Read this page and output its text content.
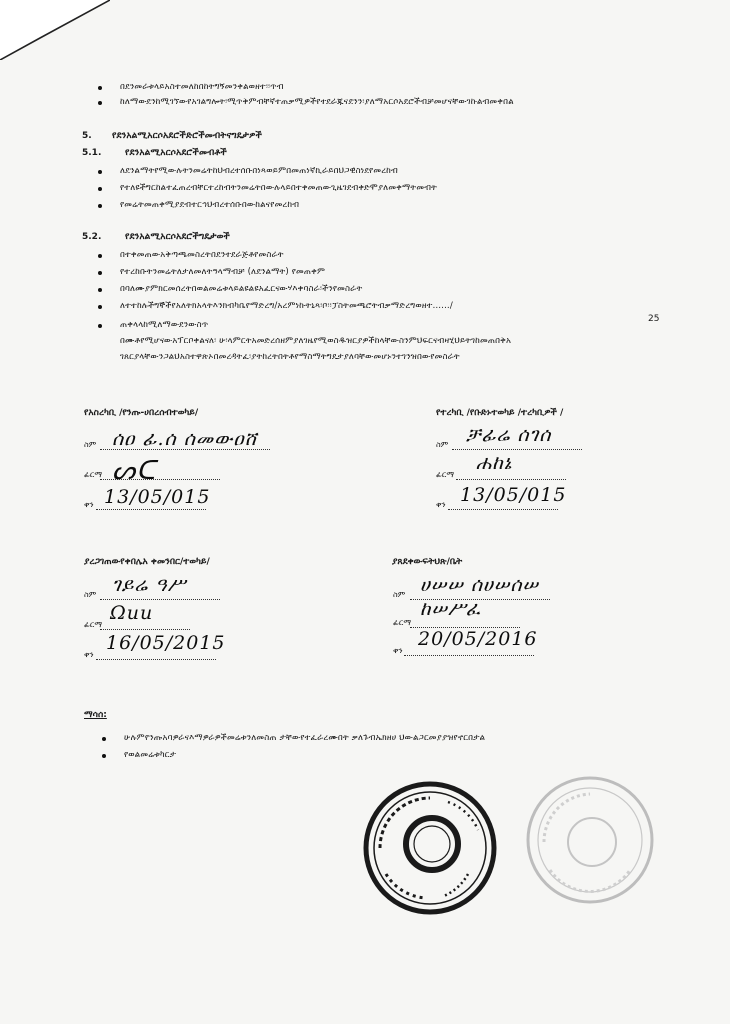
በደንመራቱላይአስተመለከበከትግኝመንቀልወዘተ፡፡ጥብ
ከለማውደንከሚገኘውየአገልግሎት፡ሚጥቅምብቸኛተጠቃሚዎችየተደራጁናደንን፡ያለማአርሶአደሮችብቻመሆናቸውገኩልብመቀበል
5. የደንአልሚአርሶአደሮችድሮችመብትናግዴታዎች
5.1.	የደንአልሚአርሶአደሮችመብቶች
ለደንልማትየሚውሉትንመሬትከህብረተሰቡበነጻወይምበመጠነኛኪራይበህጋዊስነደየመረከብ
የተለዩችግርከልተፈጠረብቸርተረከብትንመሬትበውሉላይበተቀመጠውጊዜገደብቀድሞያለመቀማትመብት
የመሬትመጠቀሚያደብተርኅህብረተሰቡበውከልናየመረከብ
5.2.	የደንአልሚአርሶአደሮችግዴታወች
በተቀመጠውአቅጣጫመስረትበደንተደራጅቶየመስራት
የተረከቡትንመሬትለታለመለትዓላማብቻ (ለደንልማት) የመጠቀም
በባለሙያምክርመሰረትበወልመሬቱላይልዩልዩአፈርናውሃእቀባስራ፡ችንየመስራት
ለተተከሉችግኞችየአለትክአላትእንክብካቤየማድረግ/አረምነኩትኒጻ፡ቦ፡፡ፓስትመጫሮትብቃማድረግወዘተ……/
ጠቀላላከሚለማውደንውስጥ
25
በሙቶየሚሆናውአፕርቦቀልናለ፡ ሁ፡ላምርትአመድረሰዘምያለገዜየሚወስዱዝርያዎችከላቸውስንምህፍርናብዛሂህይትገከመጠበቅአ
ገጸርያላቸውንጋልህአስተዋጽኦበመረዳትፈ፡ያትከረትበትቶየማስማትግዴታያለባቸውመሆኑንተገንዝበውየመስራት
የአስረካቢ /የንጡ-ሀበረሰብተወካይ/
ስም ሰዐ ፊ.ሰ ሰመውዐሸ
ፊርማ ᔕᑕ
ቀን 13/05/015
የተረካቢ /የቡድኑተወካይ /ተረካቢዎች /
ስም ቻፊሬ ሰገሰ
ፊርማ
ሐከኔ
ቀን 13/05/015
ያረጋገጠውየቀበሌአ ቀመንበር/ተወካይ/
ስም ገይሬ ዓሥ
ፊርማ
Ωuu
ቀን
16/05/2015
ያጸደቀውፍትህጽ/ቤት
ስም ሀሠሠ ሰሀሠሰሠ
ፊርማ
ከሠሥፈ
ቀን
20/05/2016
ማሳሰ:
ሁሉምየንጡአባዎራናእማዎራዎችመሬቱንለመስጠ ታቸውየተፈራረሙበት ቃለጉብኤክዘሀ ህውልጋርመያያዝየኖርበታል
የወልመሬቱካርታ
